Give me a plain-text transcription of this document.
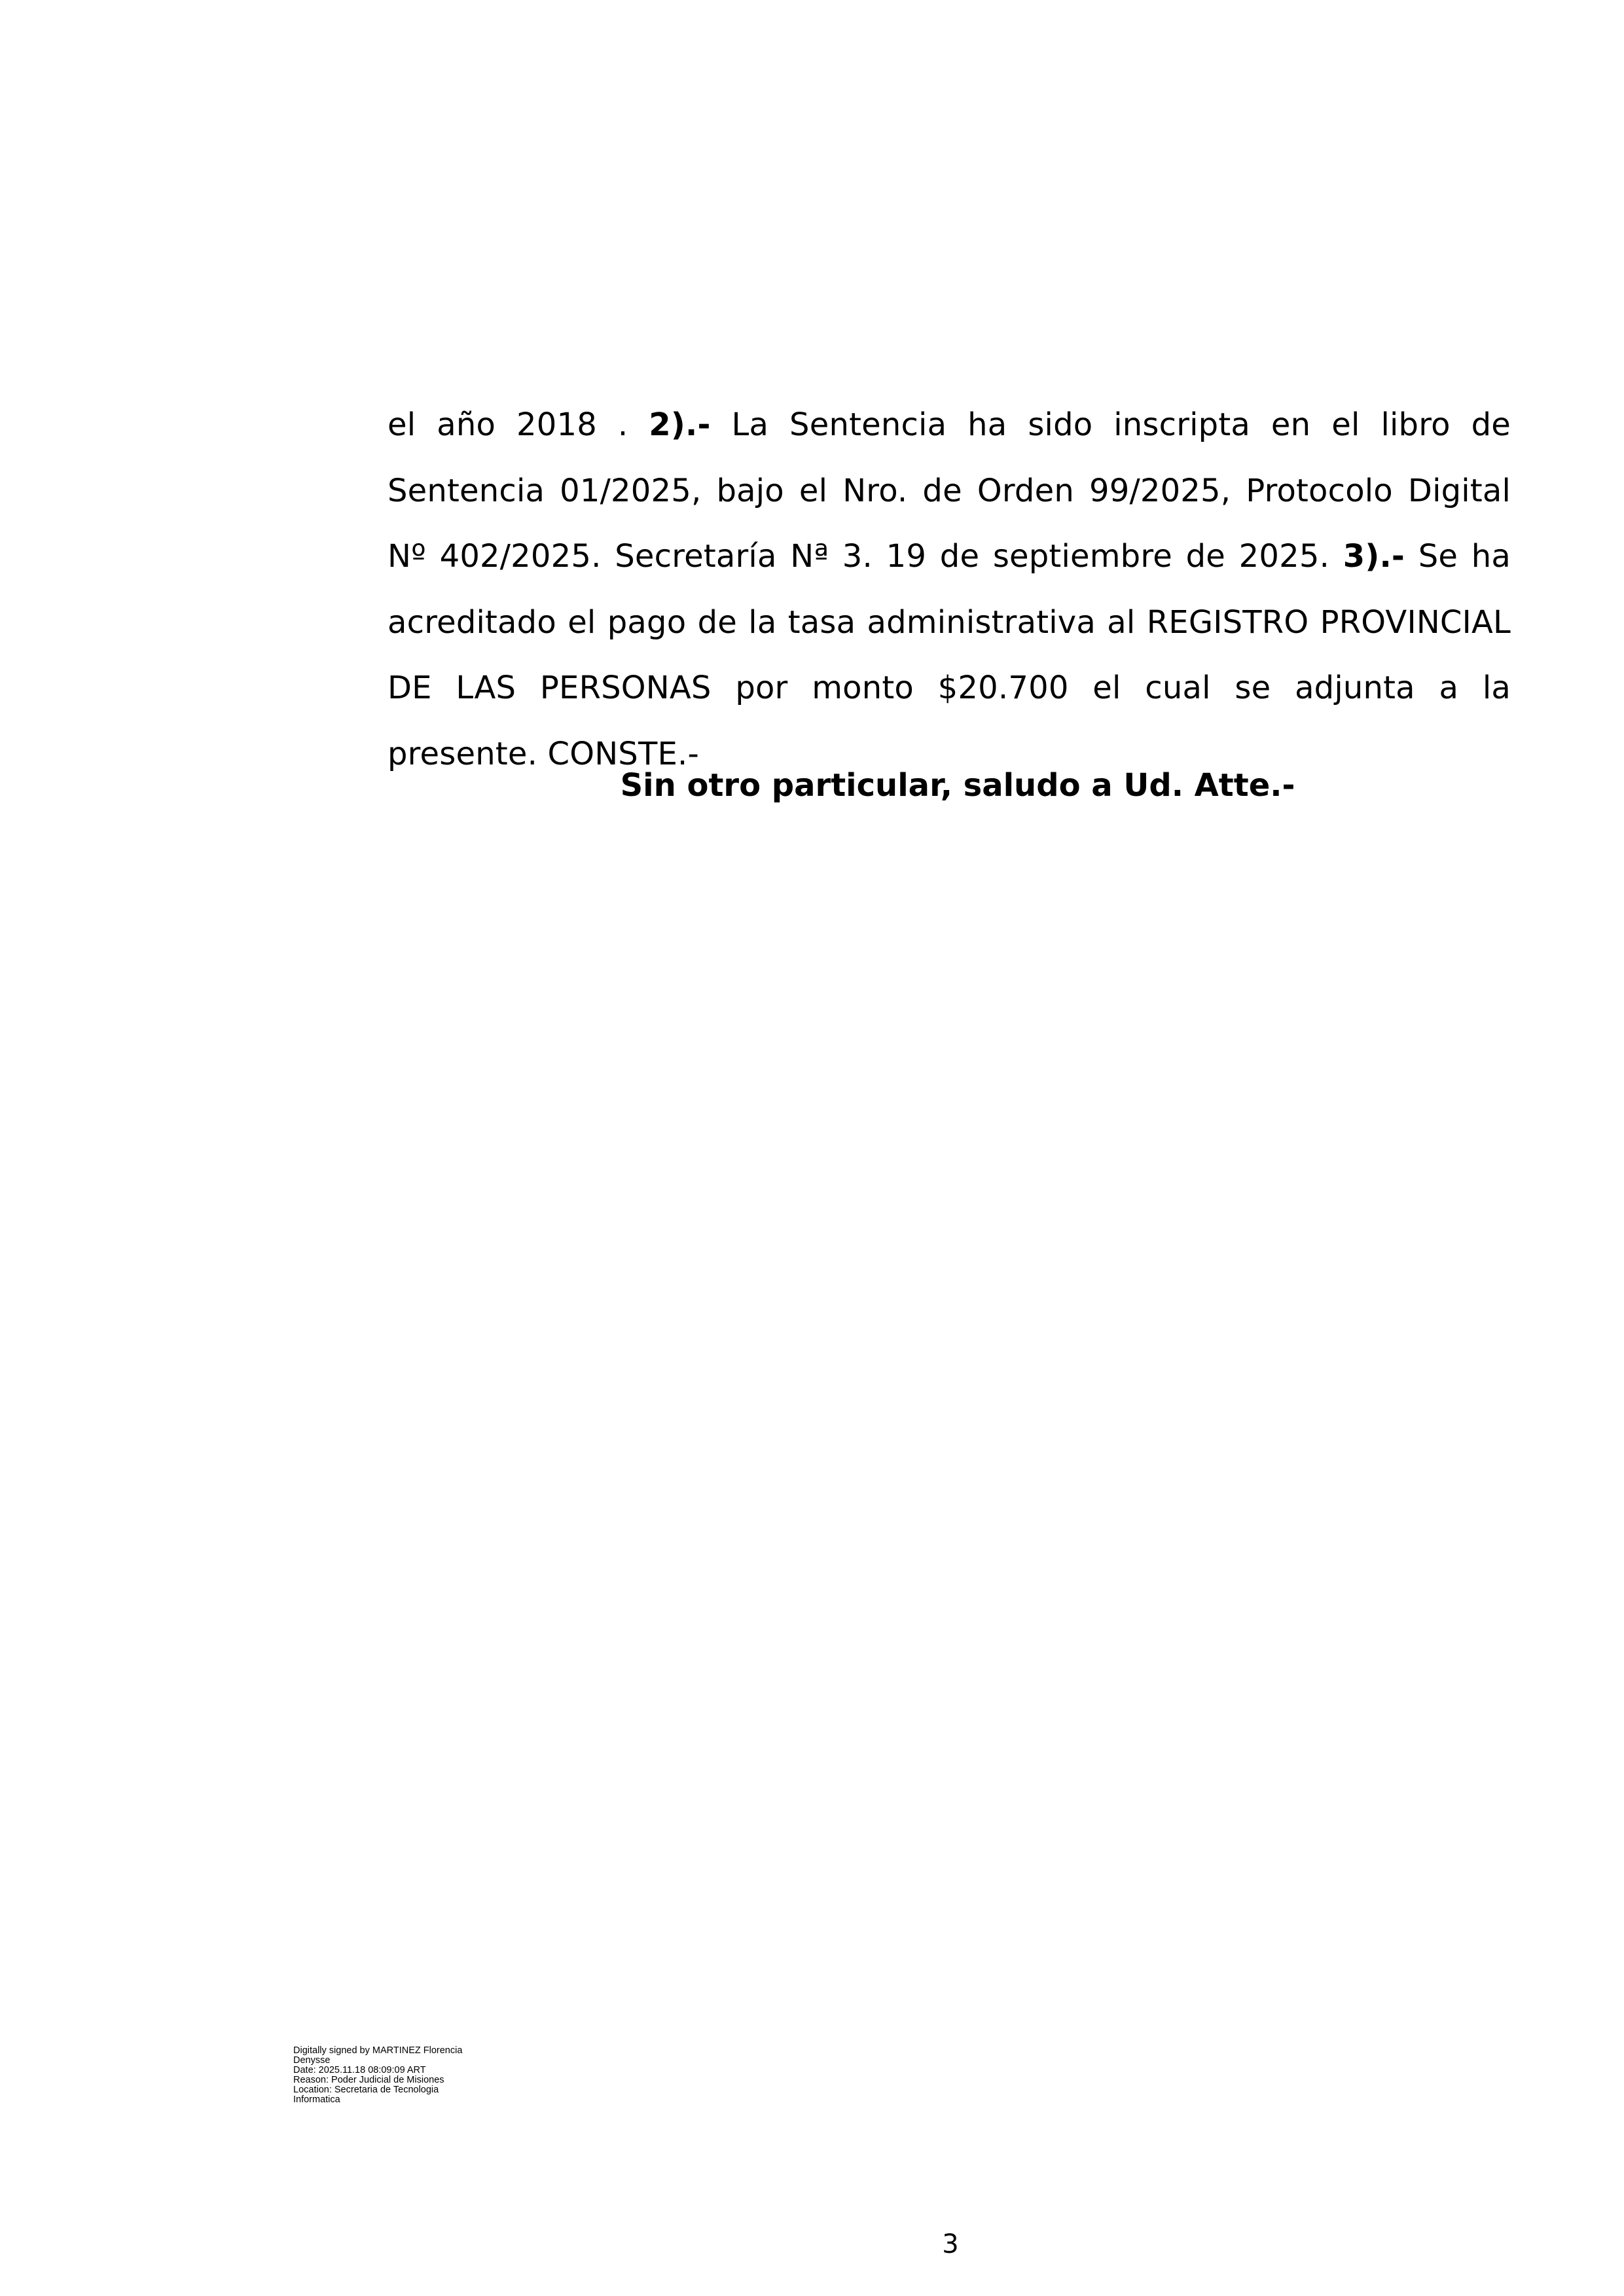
el año 2018 . 2).- La Sentencia ha sido inscripta en el libro de Sentencia 01/2025, bajo el Nro. de Orden 99/2025, Protocolo Digital Nº 402/2025. Secretaría Nª 3. 19 de septiembre de 2025. 3).- Se ha acreditado el pago de la tasa administrativa al REGISTRO PROVINCIAL DE LAS PERSONAS por monto $20.700 el cual se adjunta a la presente. CONSTE.-

Sin otro particular, saludo a Ud. Atte.-

Digitally signed by MARTINEZ Florencia
Denysse
Date: 2025.11.18 08:09:09 ART
Reason: Poder Judicial de Misiones
Location: Secretaria de Tecnologia
Informatica

3
